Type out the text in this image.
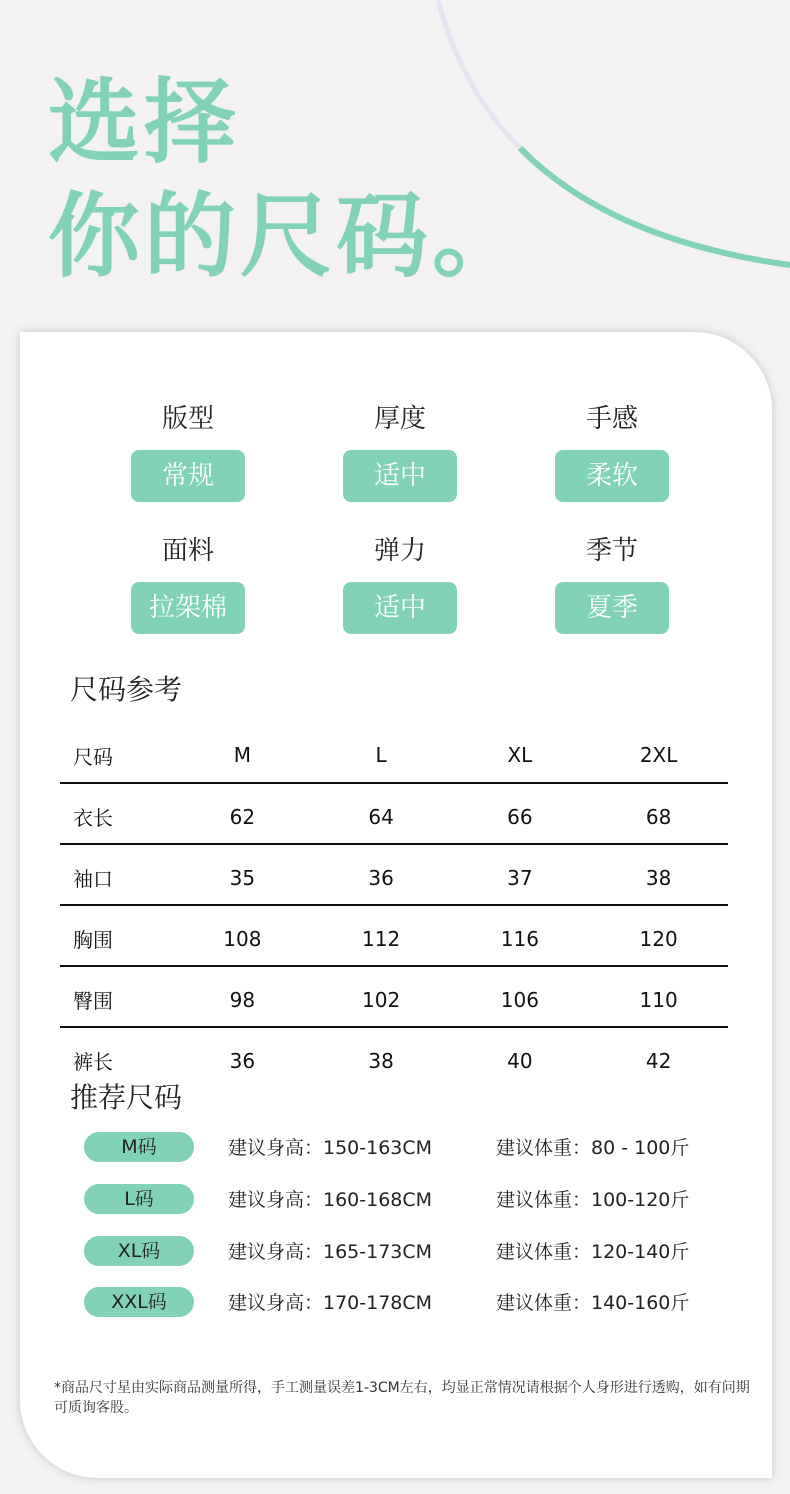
选择
你的尺码。
版型
常规
厚度
适中
手感
柔软
面料
拉架棉
弹力
适中
季节
夏季
尺码参考
尺码	M	L	XL	2XL
衣长	62	64	66	68
袖口	35	36	37	38
胸围	108	112	116	120
臀围	98	102	106	110
裤长	36	38	40	42
推荐尺码
M码	建议身高：150-163CM	建议体重：80 - 100斤
L码	建议身高：160-168CM	建议体重：100-120斤
XL码	建议身高：165-173CM	建议体重：120-140斤
XXL码	建议身高：170-178CM	建议体重：140-160斤

*商品尺寸星由实际商品测量所得，手工测量误差1-3CM左右，均显正常情况请根据个人身形进行透购，如有问期可质询客股。
